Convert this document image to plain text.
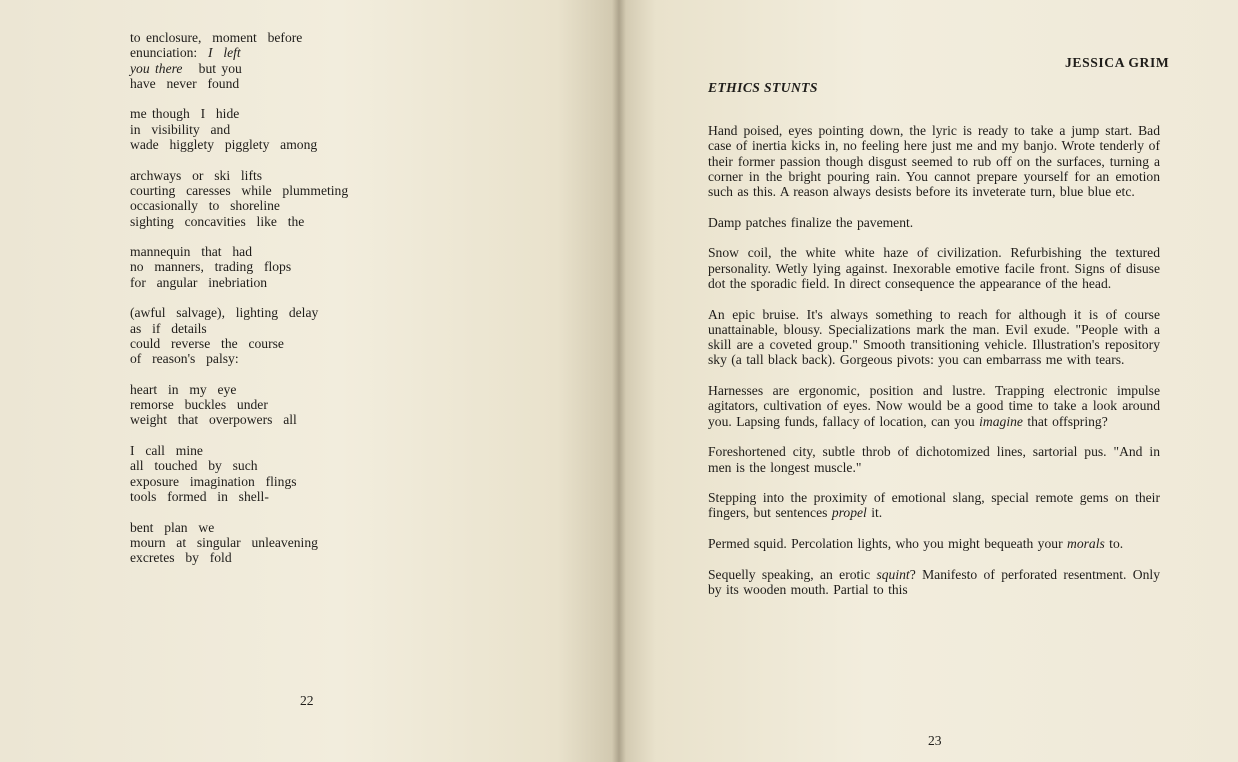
to enclosure,  moment  before
enunciation:  I  left
you there   but you
have  never  found
me though  I  hide
in  visibility  and
wade  higglety  pigglety  among
archways  or  ski  lifts
courting  caresses  while  plummeting
occasionally  to  shoreline
sighting  concavities  like  the
mannequin  that  had
no  manners,  trading  flops
for  angular  inebriation
(awful  salvage),  lighting  delay
as  if  details
could  reverse  the  course
of  reason's  palsy:
heart  in  my  eye
remorse  buckles  under
weight  that  overpowers  all
I  call  mine
all  touched  by  such
exposure  imagination  flings
tools  formed  in  shell-
bent  plan  we
mourn  at  singular  unleavening
excretes  by  fold
22
JESSICA GRIM
ETHICS STUNTS

Hand poised, eyes pointing down, the lyric is ready to take a jump start. Bad case of inertia kicks in, no feeling here just me and my banjo. Wrote tenderly of their former passion though disgust seemed to rub off on the surfaces, turning a corner in the bright pouring rain. You cannot prepare yourself for an emotion such as this. A reason always desists before its inveterate turn, blue blue etc.

Damp patches finalize the pavement.

Snow coil, the white white haze of civilization. Refurbishing the textured personality. Wetly lying against. Inexorable emotive facile front. Signs of disuse dot the sporadic field. In direct consequence the appearance of the head.

An epic bruise. It's always something to reach for although it is of course unattainable, blousy. Specializations mark the man. Evil exude. "People with a skill are a coveted group." Smooth transitioning vehicle. Illustration's repository sky (a tall black back). Gorgeous pivots: you can embarrass me with tears.

Harnesses are ergonomic, position and lustre. Trapping electronic impulse agitators, cultivation of eyes. Now would be a good time to take a look around you. Lapsing funds, fallacy of location, can you imagine that offspring?

Foreshortened city, subtle throb of dichotomized lines, sartorial pus. "And in men is the longest muscle."

Stepping into the proximity of emotional slang, special remote gems on their fingers, but sentences propel it.

Permed squid. Percolation lights, who you might bequeath your morals to.

Sequelly speaking, an erotic squint? Manifesto of perforated resentment. Only by its wooden mouth. Partial to this

23
